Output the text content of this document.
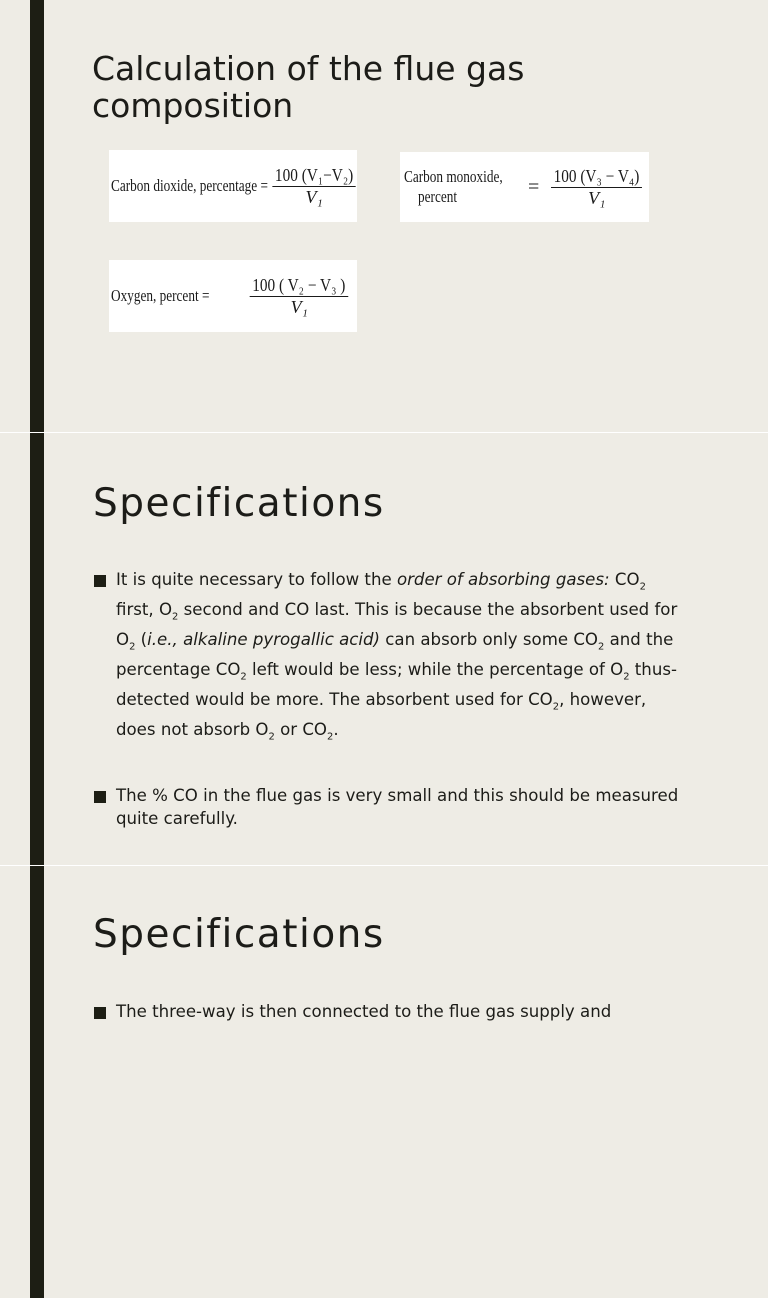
Calculation of the flue gas composition
Carbon dioxide, percentage =
$\frac{\text{100 (V₁−V₂)}}{\text{V₁}}$ Carbon monoxide,
percent	= $\frac{\text{100 (V₃ − V₄)}}{\text{V₁}}$
Oxygen, percent = $\frac{\text{100 ( V₂ − V₃ )}}{\text{V₁}}$
Specifications
It is quite necessary to follow the order of absorbing gases: $CO_2$ first, $O_2$ second and CO last. This is because the absorbent used for $O_2$ (i.e., alkaline pyrogallic acid) can absorb only some $CO_2$ and the percentage $CO_2$ left would be less; while the percentage of $O_2$ thus-detected would be more. The absorbent used for $CO_2$, however, does not absorb $O_2$ or $CO_2$.
The % CO in the flue gas is very small and this should be measured quite carefully.
Specifications
The three-way is then connected to the flue gas supply and
